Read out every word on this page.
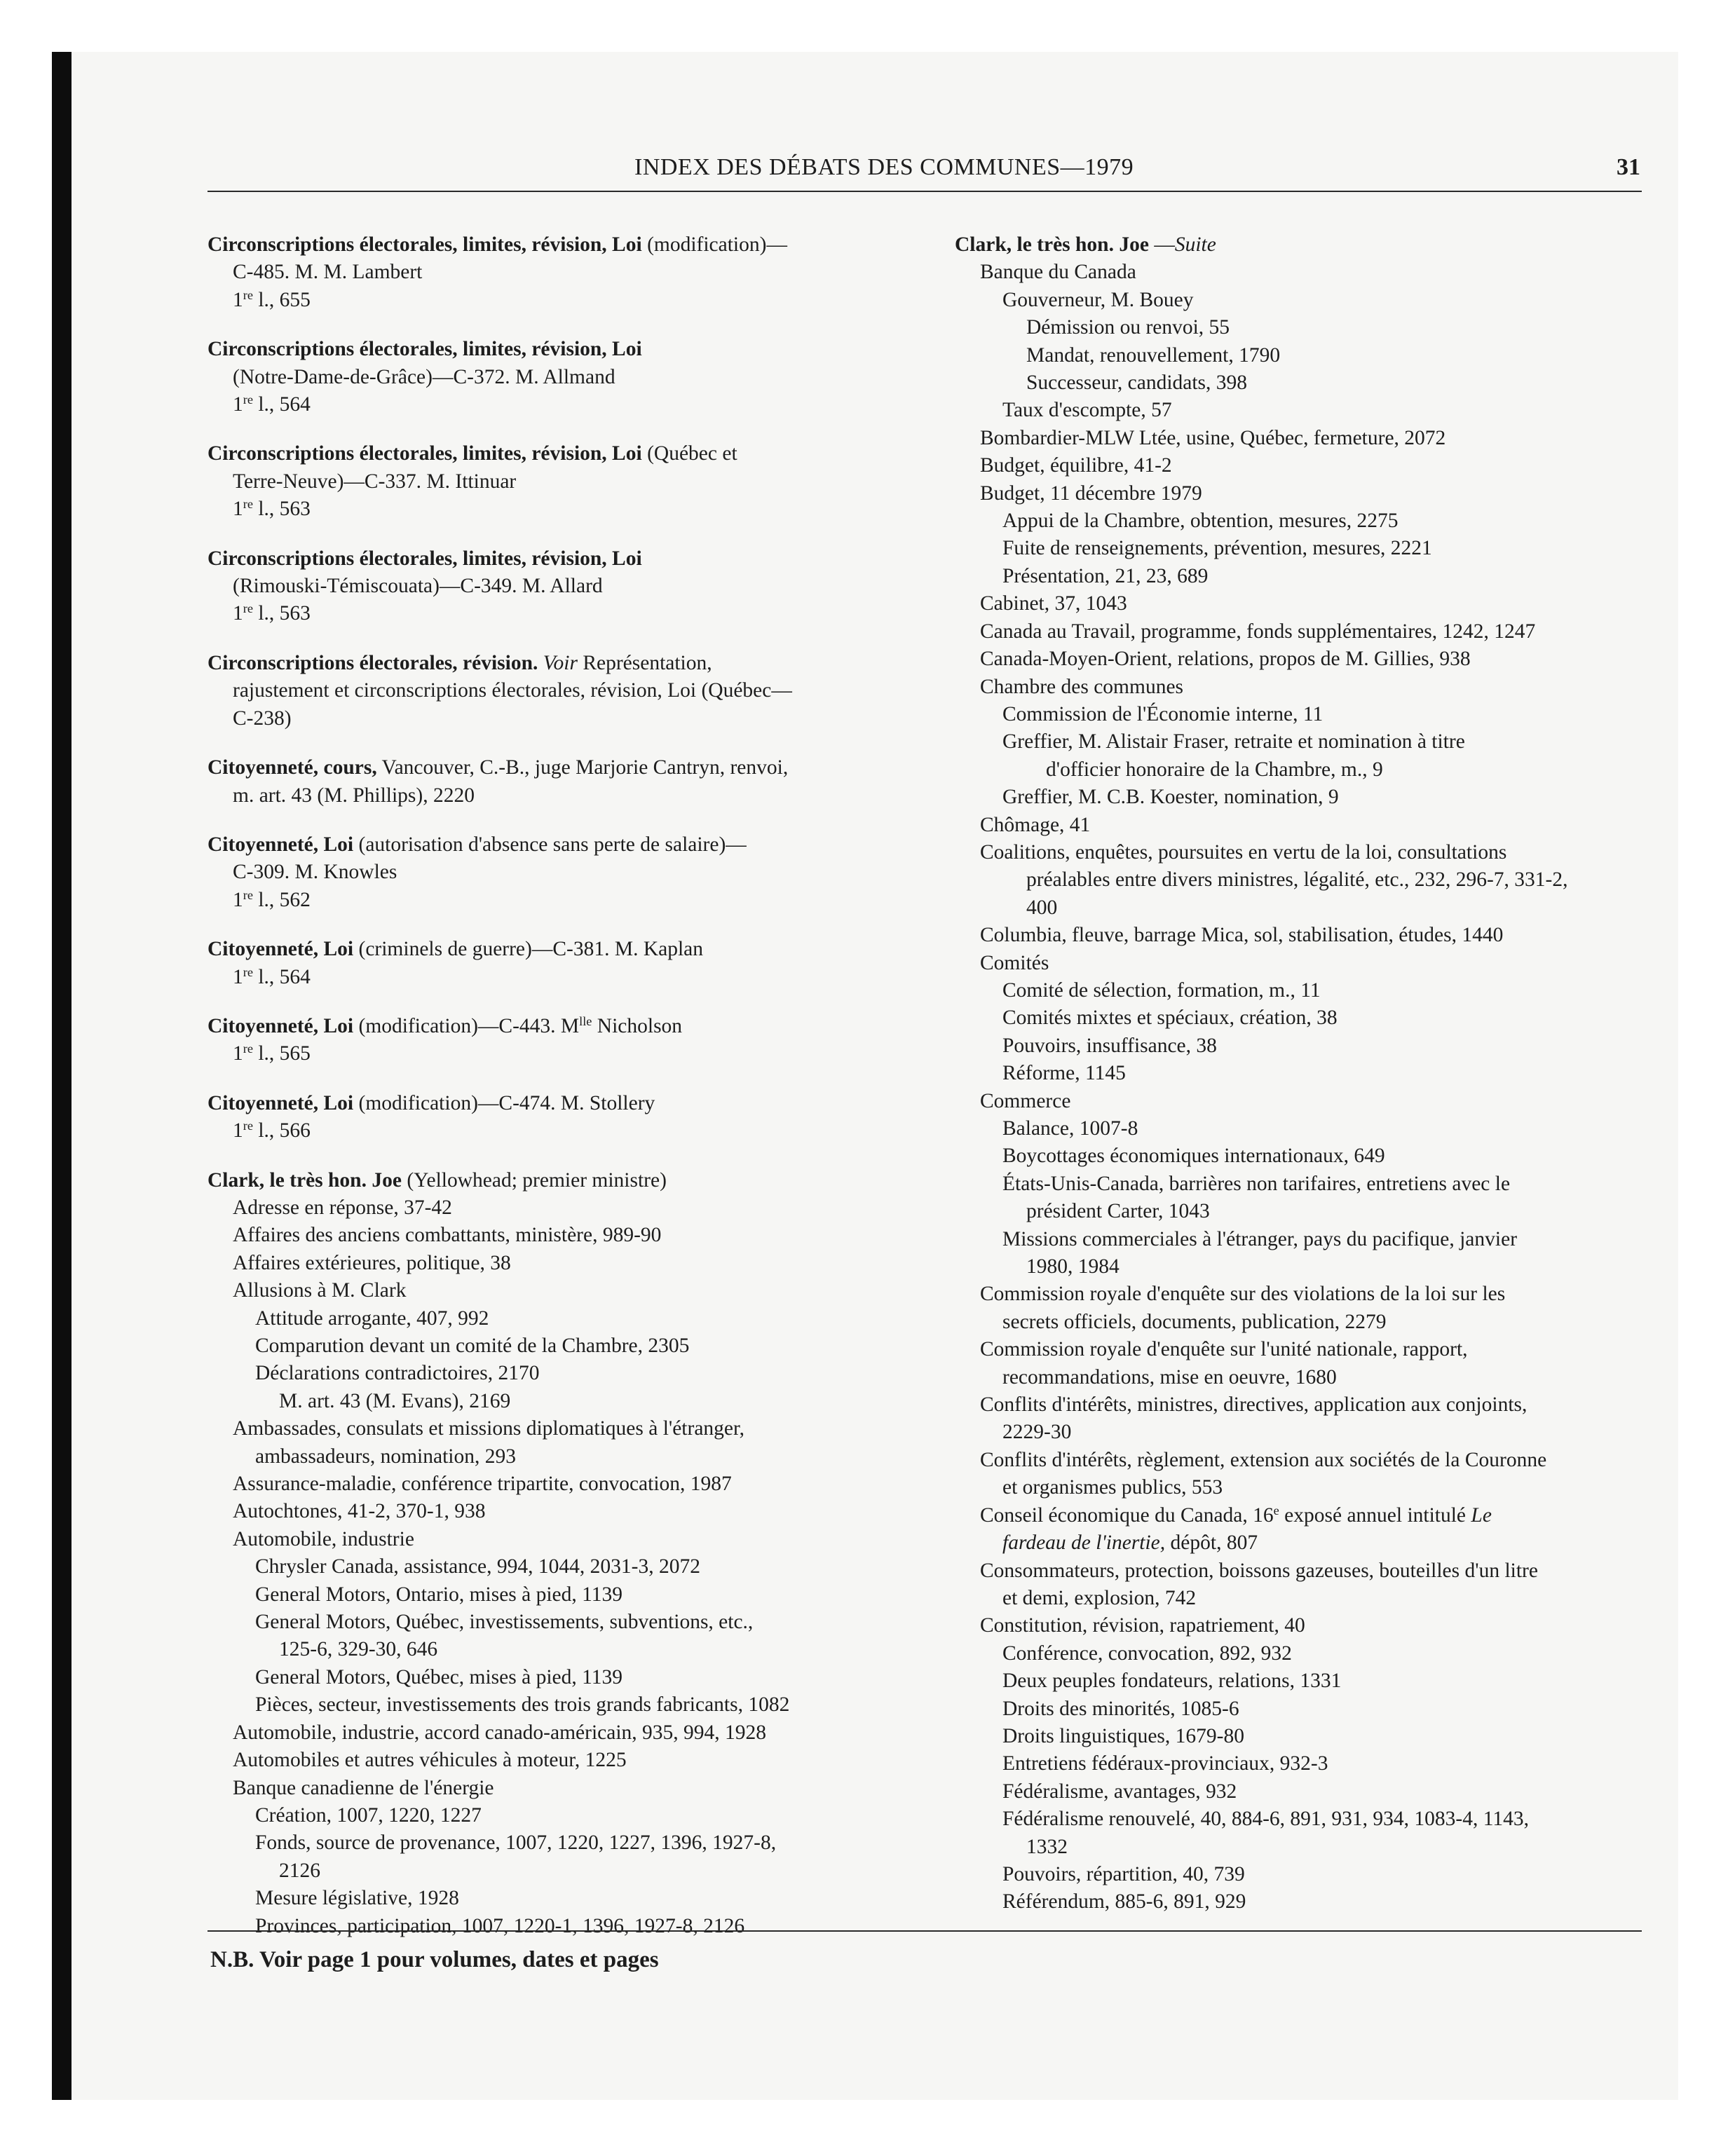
INDEX DES DÉBATS DES COMMUNES—1979	31
Circonscriptions électorales, limites, révision, Loi (modification)—
C-485. M. M. Lambert
1re l., 655
Circonscriptions électorales, limites, révision, Loi
(Notre-Dame-de-Grâce)—C-372. M. Allmand
1re l., 564
Circonscriptions électorales, limites, révision, Loi (Québec et
Terre-Neuve)—C-337. M. Ittinuar
1re l., 563
Circonscriptions électorales, limites, révision, Loi
(Rimouski-Témiscouata)—C-349. M. Allard
1re l., 563
Circonscriptions électorales, révision. Voir Représentation,
rajustement et circonscriptions électorales, révision, Loi (Québec—
C-238)
Citoyenneté, cours, Vancouver, C.-B., juge Marjorie Cantryn, renvoi,
m. art. 43 (M. Phillips), 2220
Citoyenneté, Loi (autorisation d'absence sans perte de salaire)—
C-309. M. Knowles
1re l., 562
Citoyenneté, Loi (criminels de guerre)—C-381. M. Kaplan
1re l., 564
Citoyenneté, Loi (modification)—C-443. $M^{lle}$ Nicholson
1re l., 565
Citoyenneté, Loi (modification)—C-474. M. Stollery
1re l., 566
Clark, le très hon. Joe (Yellowhead; premier ministre)
Adresse en réponse, 37-42
Affaires des anciens combattants, ministère, 989-90
Affaires extérieures, politique, 38
Allusions à M. Clark
Attitude arrogante, 407, 992
Comparution devant un comité de la Chambre, 2305
Déclarations contradictoires, 2170
M. art. 43 (M. Evans), 2169
Ambassades, consulats et missions diplomatiques à l'étranger,
ambassadeurs, nomination, 293
Assurance-maladie, conférence tripartite, convocation, 1987
Autochtones, 41-2, 370-1, 938
Automobile, industrie
Chrysler Canada, assistance, 994, 1044, 2031-3, 2072
General Motors, Ontario, mises à pied, 1139
General Motors, Québec, investissements, subventions, etc.,
125-6, 329-30, 646
General Motors, Québec, mises à pied, 1139
Pièces, secteur, investissements des trois grands fabricants, 1082
Automobile, industrie, accord canado-américain, 935, 994, 1928
Automobiles et autres véhicules à moteur, 1225
Banque canadienne de l'énergie
Création, 1007, 1220, 1227
Fonds, source de provenance, 1007, 1220, 1227, 1396, 1927-8,
2126
Mesure législative, 1928
Provinces, participation, 1007, 1220-1, 1396, 1927-8, 2126
Clark, le très hon. Joe —Suite
Banque du Canada
Gouverneur, M. Bouey
Démission ou renvoi, 55
Mandat, renouvellement, 1790
Successeur, candidats, 398
Taux d'escompte, 57
Bombardier-MLW Ltée, usine, Québec, fermeture, 2072
Budget, équilibre, 41-2
Budget, 11 décembre 1979
Appui de la Chambre, obtention, mesures, 2275
Fuite de renseignements, prévention, mesures, 2221
Présentation, 21, 23, 689
Cabinet, 37, 1043
Canada au Travail, programme, fonds supplémentaires, 1242, 1247
Canada-Moyen-Orient, relations, propos de M. Gillies, 938
Chambre des communes
Commission de l'Économie interne, 11
Greffier, M. Alistair Fraser, retraite et nomination à titre
d'officier honoraire de la Chambre, m., 9
Greffier, M. C.B. Koester, nomination, 9
Chômage, 41
Coalitions, enquêtes, poursuites en vertu de la loi, consultations
préalables entre divers ministres, légalité, etc., 232, 296-7, 331-2,
400
Columbia, fleuve, barrage Mica, sol, stabilisation, études, 1440
Comités
Comité de sélection, formation, m., 11
Comités mixtes et spéciaux, création, 38
Pouvoirs, insuffisance, 38
Réforme, 1145
Commerce
Balance, 1007-8
Boycottages économiques internationaux, 649
États-Unis-Canada, barrières non tarifaires, entretiens avec le
président Carter, 1043
Missions commerciales à l'étranger, pays du pacifique, janvier
1980, 1984
Commission royale d'enquête sur des violations de la loi sur les
secrets officiels, documents, publication, 2279
Commission royale d'enquête sur l'unité nationale, rapport,
recommandations, mise en oeuvre, 1680
Conflits d'intérêts, ministres, directives, application aux conjoints,
2229-30
Conflits d'intérêts, règlement, extension aux sociétés de la Couronne
et organismes publics, 553
Conseil économique du Canada, 16e exposé annuel intitulé Le
fardeau de l'inertie, dépôt, 807
Consommateurs, protection, boissons gazeuses, bouteilles d'un litre
et demi, explosion, 742
Constitution, révision, rapatriement, 40
Conférence, convocation, 892, 932
Deux peuples fondateurs, relations, 1331
Droits des minorités, 1085-6
Droits linguistiques, 1679-80
Entretiens fédéraux-provinciaux, 932-3
Fédéralisme, avantages, 932
Fédéralisme renouvelé, 40, 884-6, 891, 931, 934, 1083-4, 1143,
1332
Pouvoirs, répartition, 40, 739
Référendum, 885-6, 891, 929
N.B. Voir page 1 pour volumes, dates et pages
